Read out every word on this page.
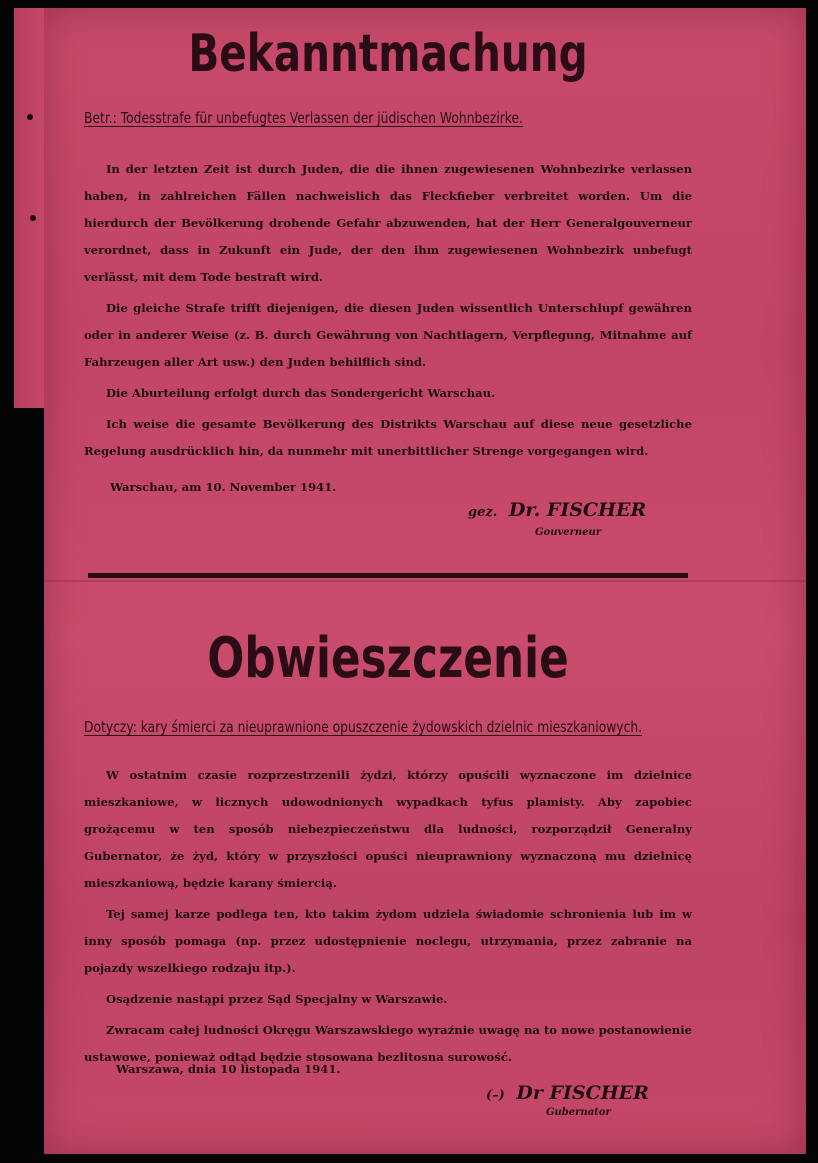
Bekanntmachung
Betr.: Todesstrafe für unbefugtes Verlassen der jüdischen Wohnbezirke.

In der letzten Zeit ist durch Juden, die die ihnen zugewiesenen Wohnbezirke verlassen haben, in zahlreichen Fällen nachweislich das Fleckfieber verbreitet worden. Um die hierdurch der Bevölkerung drohende Gefahr abzuwenden, hat der Herr Generalgouverneur verordnet, dass in Zukunft ein Jude, der den ihm zugewiesenen Wohnbezirk unbefugt verlässt, mit dem Tode bestraft wird.

Die gleiche Strafe trifft diejenigen, die diesen Juden wissentlich Unterschlupf gewähren oder in anderer Weise (z. B. durch Gewährung von Nachtlagern, Verpflegung, Mitnahme auf Fahrzeugen aller Art usw.) den Juden behilflich sind.

Die Aburteilung erfolgt durch das Sondergericht Warschau.

Ich weise die gesamte Bevölkerung des Distrikts Warschau auf diese neue gesetzliche Regelung ausdrücklich hin, da nunmehr mit unerbittlicher Strenge vorgegangen wird.

Warschau, am 10. November 1941.
gez. Dr. FISCHER
Gouverneur
Obwieszczenie
Dotyczy: kary śmierci za nieuprawnione opuszczenie żydowskich dzielnic mieszkaniowych.

W ostatnim czasie rozprzestrzenili żydzi, którzy opuścili wyznaczone im dzielnice mieszkaniowe, w licznych udowodnionych wypadkach tyfus plamisty. Aby zapobiec grożącemu w ten sposób niebezpieczeństwu dla ludności, rozporządził Generalny Gubernator, że żyd, który w przyszłości opuści nieuprawniony wyznaczoną mu dzielnicę mieszkaniową, będzie karany śmiercią.

Tej samej karze podlega ten, kto takim żydom udziela świadomie schronienia lub im w inny sposób pomaga (np. przez udostępnienie noclegu, utrzymania, przez zabranie na pojazdy wszelkiego rodzaju itp.).

Osądzenie nastąpi przez Sąd Specjalny w Warszawie.

Zwracam całej ludności Okręgu Warszawskiego wyraźnie uwagę na to nowe postanowienie ustawowe, ponieważ odtąd będzie stosowana bezlitosna surowość.

Warszawa, dnia 10 listopada 1941.
(–) Dr FISCHER
Gubernator
